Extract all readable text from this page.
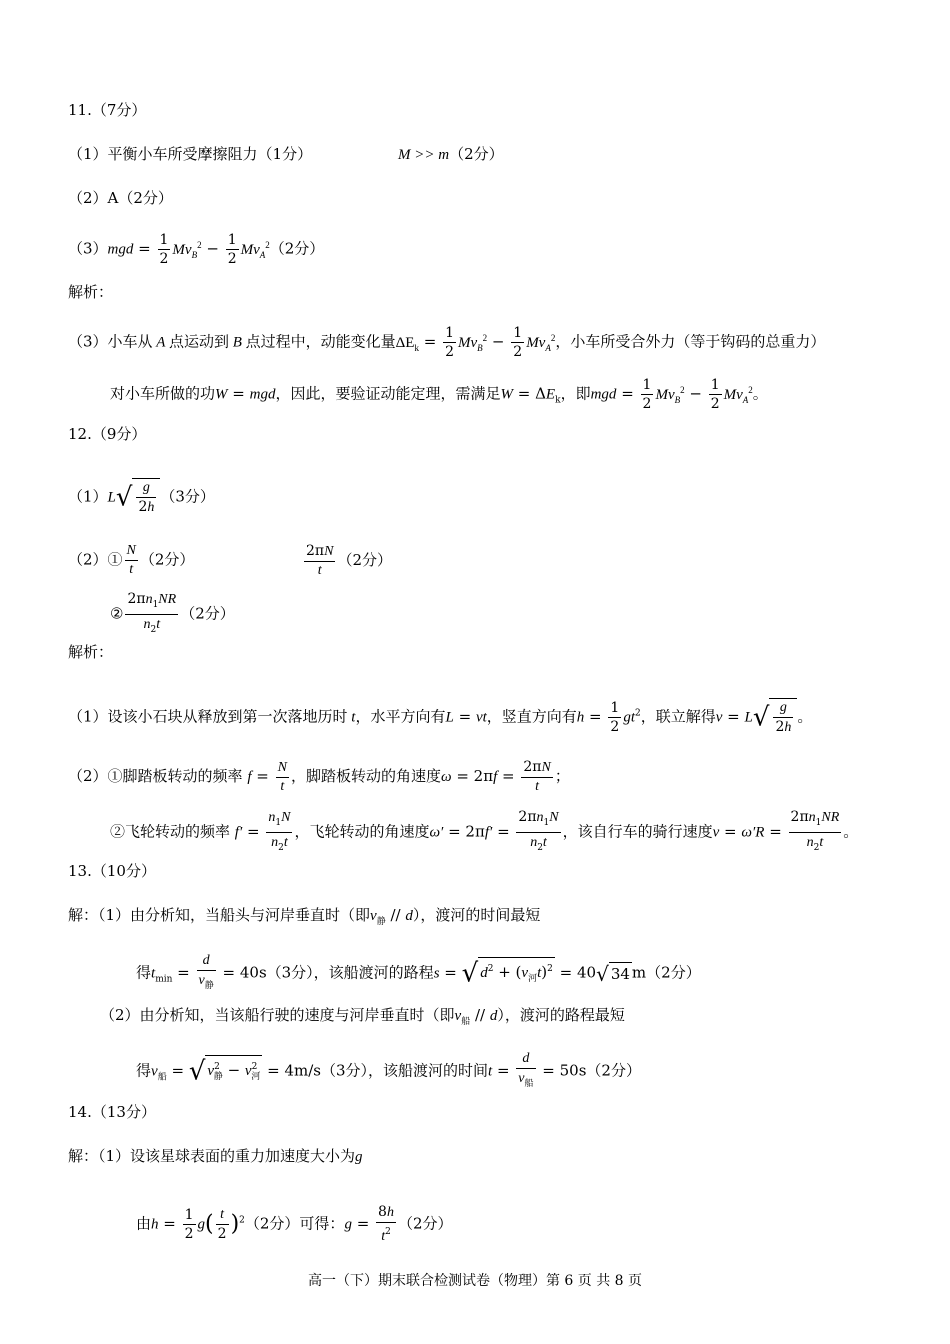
11.（7分）
（1）平衡小车所受摩擦阻力（1分）	M >> m（2分）
（2）A（2分）
$(3)mgd = \frac{1}{2} Mv_B^2 - \frac{1}{2} Mv_A^2(2$分）
解析：
（3）小车从 A 点运动到 B 点过程中，动能变化量$\Delta E_k = \frac{1}{2} Mv_B^2 - \frac{1}{2} Mv_A^2$，小车所受合外力（等于钩码的总重力）
对小车所做的功W = mgd，因此，要验证动能定理，需满足$W = \Delta E_k$，即mgd = $\frac{1}{2} Mv_B^2 - \frac{1}{2} Mv_A^2$。
12.（9分）
$(1)L√ \frac{g}{2h} (3$分）
（2）① $\frac{N}{t} (2$分）	$\frac{2\pi N}{t} (2$分）
② $\frac{2\pi n_1NR}{n_2t} (2$分）
解析：
（1）设该小石块从释放到第一次落地历时 t，水平方向有L = vt，竖直方向有$h = \frac{1}{2} gt^2$，联立解得$v = L√ \frac{g}{2h}$ 。
（2）①脚踏板转动的频率 $f = \frac{N}{t}$ ，脚踏板转动的角速度$\omega = 2\pi f = \frac{2\pi N}{t}$ ；
②飞轮转动的频率 $f' = \frac{n_1N}{n_2t}$ ，飞轮转动的角速度$\omega' = 2\pi f' = \frac{2\pi n_1N}{n_2t}$ ，该自行车的骑行速度$v = \omega'R = \frac{2\pi n_1NR}{n_2t}$ 。
13.（10分）
解：（1）由分析知，当船头与河岸垂直时（即$v_静 // d$），渡河的时间最短
得$t_{min} = \frac{d}{v_静} = 40s(3$分），该船渡河的路程s = √ $d^2 + (v_河t)^2 = 40√$ 34 m（2分）
（2）由分析知，当该船行驶的速度与河岸垂直时（即$v_船 // d$），渡河的路程最短
得$v_船$ = √ $v^2_静 - v^2_河 = 4m/s(3$分），该船渡河的时间$t = \frac{d}{v_船} = 50s(2$分）
14.（13分）
解：（1）设该星球表面的重力加速度大小为g
由$h = \frac{1}{2} g( \frac{t}{2} )^2(2$分）可得：$g = \frac{8h}{t^2} (2$分）
高一（下）期末联合检测试卷（物理）第 6 页 共 8 页
